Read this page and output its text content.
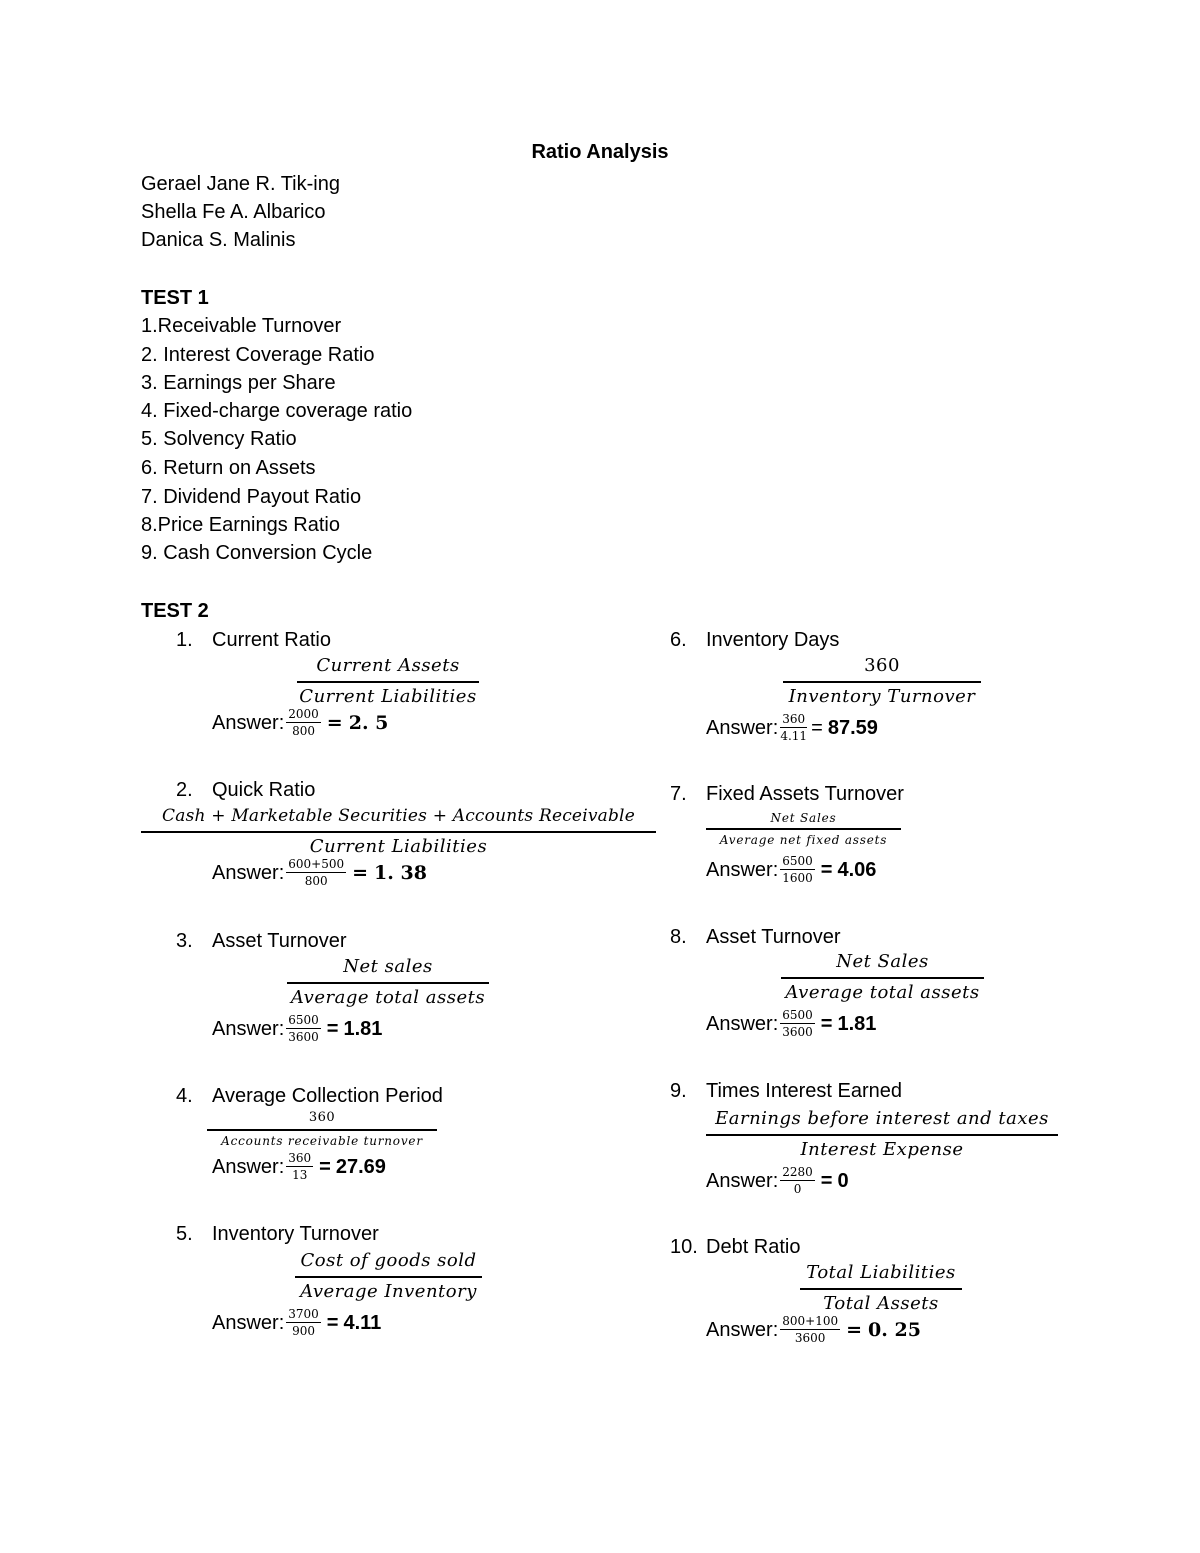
Ratio Analysis
Gerael Jane R. Tik-ing
Shella Fe A. Albarico
Danica S. Malinis
TEST 1
1.Receivable Turnover
2. Interest Coverage Ratio
3. Earnings per Share
4. Fixed-charge coverage ratio
5. Solvency Ratio
6. Return on Assets
7. Dividend Payout Ratio
8.Price Earnings Ratio
9. Cash Conversion Cycle
TEST 2
1. Current Ratio
Current Assets
Current Liabilities
Answer: $\frac{2000}{800} = 2$. 5
2. Quick Ratio
Cash + Marketable Securities + Accounts Receivable
Current Liabilities
Answer: $\frac{600+500}{800} = 1$. 38
3. Asset Turnover
Net sales
Average total assets
Answer: $\frac{6500}{3600} = 1.81$
4. Average Collection Period
360
Accounts receivable turnover
Answer: $\frac{360}{13} = 27.69$
5. Inventory Turnover
Cost of goods sold
Average Inventory
Answer: $\frac{3700}{900} = 4.11$
6. Inventory Days
360
Inventory Turnover
Answer: $\frac{360}{4.11} = 87.59$
7. Fixed Assets Turnover
Net Sales
Average net fixed assets
Answer: $\frac{6500}{1600} = 4.06$
8. Asset Turnover
Net Sales
Average total assets
Answer: $\frac{6500}{3600} = 1.81$
9. Times Interest Earned
Earnings before interest and taxes
Interest Expense
Answer: $\frac{2280}{0} = 0$
10. Debt Ratio
Total Liabilities
Total Assets
Answer: $\frac{800+100}{3600} = 0$. 25
